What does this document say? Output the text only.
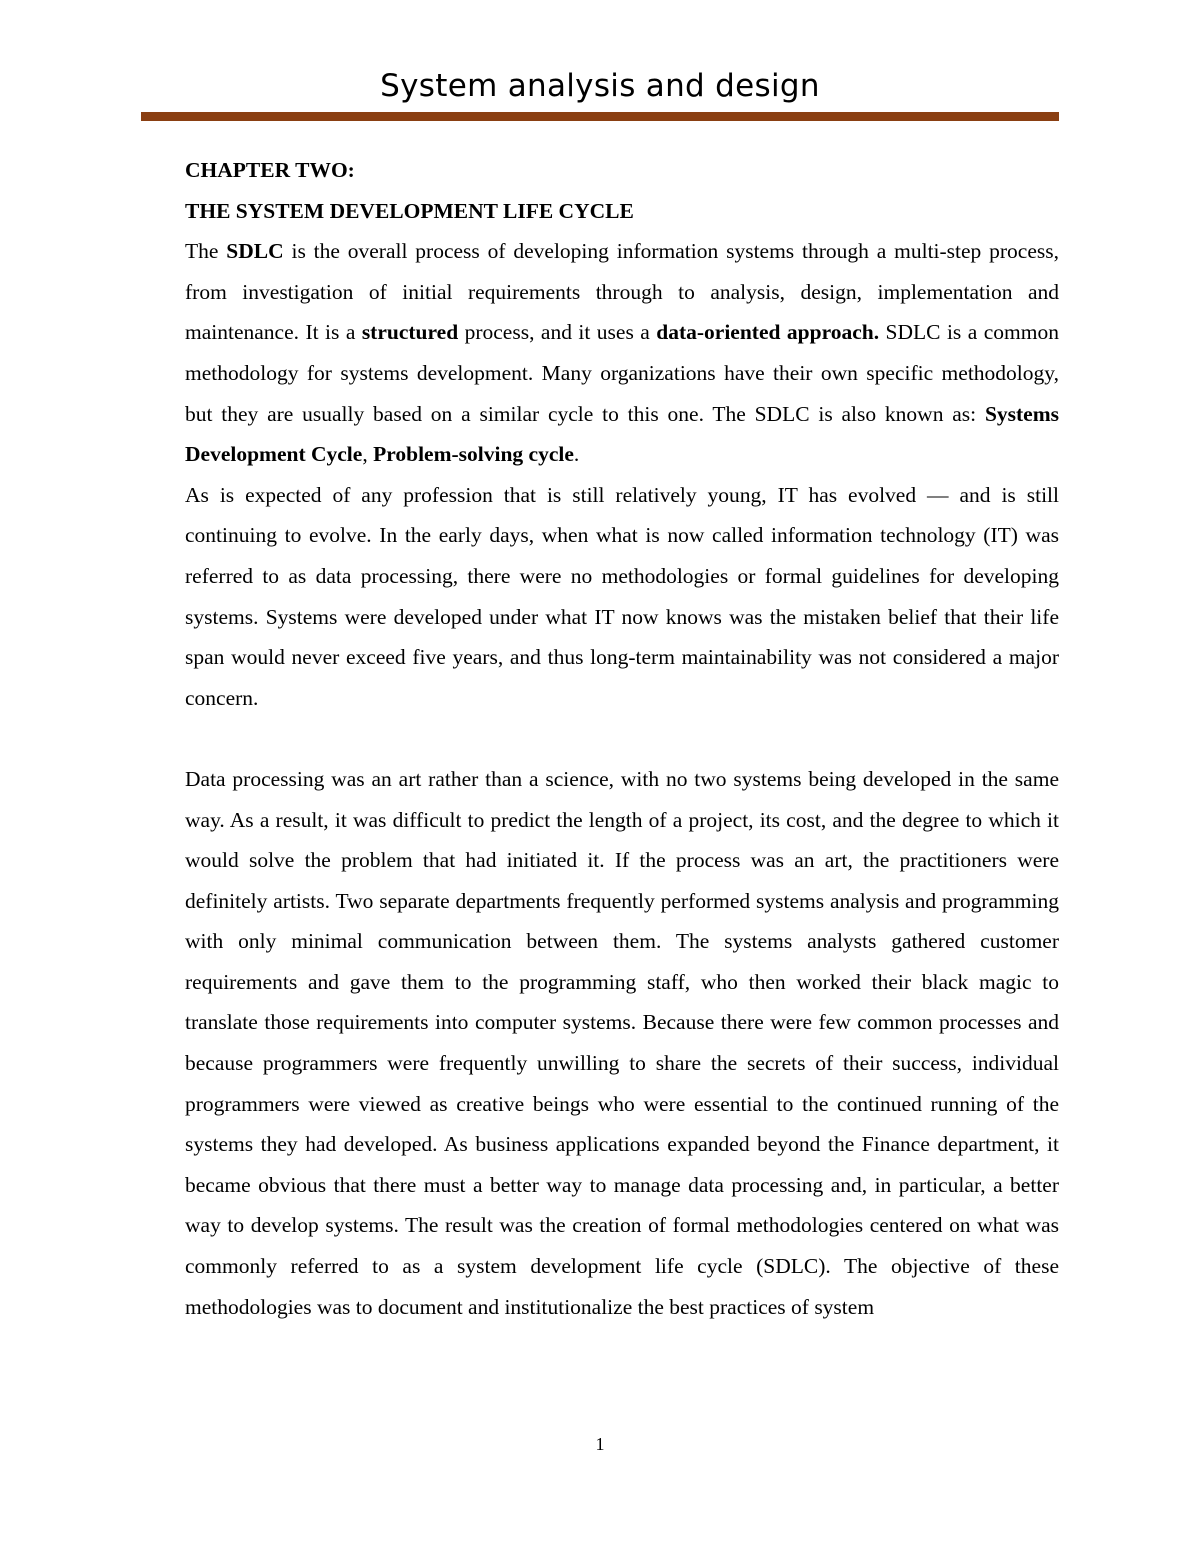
System analysis and design

CHAPTER TWO:

THE SYSTEM DEVELOPMENT LIFE CYCLE

The SDLC is the overall process of developing information systems through a multi-step process, from investigation of initial requirements through to analysis, design, implementation and maintenance. It is a structured process, and it uses a data-oriented approach. SDLC is a common methodology for systems development. Many organizations have their own specific methodology, but they are usually based on a similar cycle to this one. The SDLC is also known as: Systems Development Cycle, Problem-solving cycle.

As is expected of any profession that is still relatively young, IT has evolved — and is still continuing to evolve. In the early days, when what is now called information technology (IT) was referred to as data processing, there were no methodologies or formal guidelines for developing systems. Systems were developed under what IT now knows was the mistaken belief that their life span would never exceed five years, and thus long-term maintainability was not considered a major concern.

Data processing was an art rather than a science, with no two systems being developed in the same way. As a result, it was difficult to predict the length of a project, its cost, and the degree to which it would solve the problem that had initiated it. If the process was an art, the practitioners were definitely artists. Two separate departments frequently performed systems analysis and programming with only minimal communication between them. The systems analysts gathered customer requirements and gave them to the programming staff, who then worked their black magic to translate those requirements into computer systems. Because there were few common processes and because programmers were frequently unwilling to share the secrets of their success, individual programmers were viewed as creative beings who were essential to the continued running of the systems they had developed. As business applications expanded beyond the Finance department, it became obvious that there must a better way to manage data processing and, in particular, a better way to develop systems. The result was the creation of formal methodologies centered on what was commonly referred to as a system development life cycle (SDLC). The objective of these methodologies was to document and institutionalize the best practices of system

1
